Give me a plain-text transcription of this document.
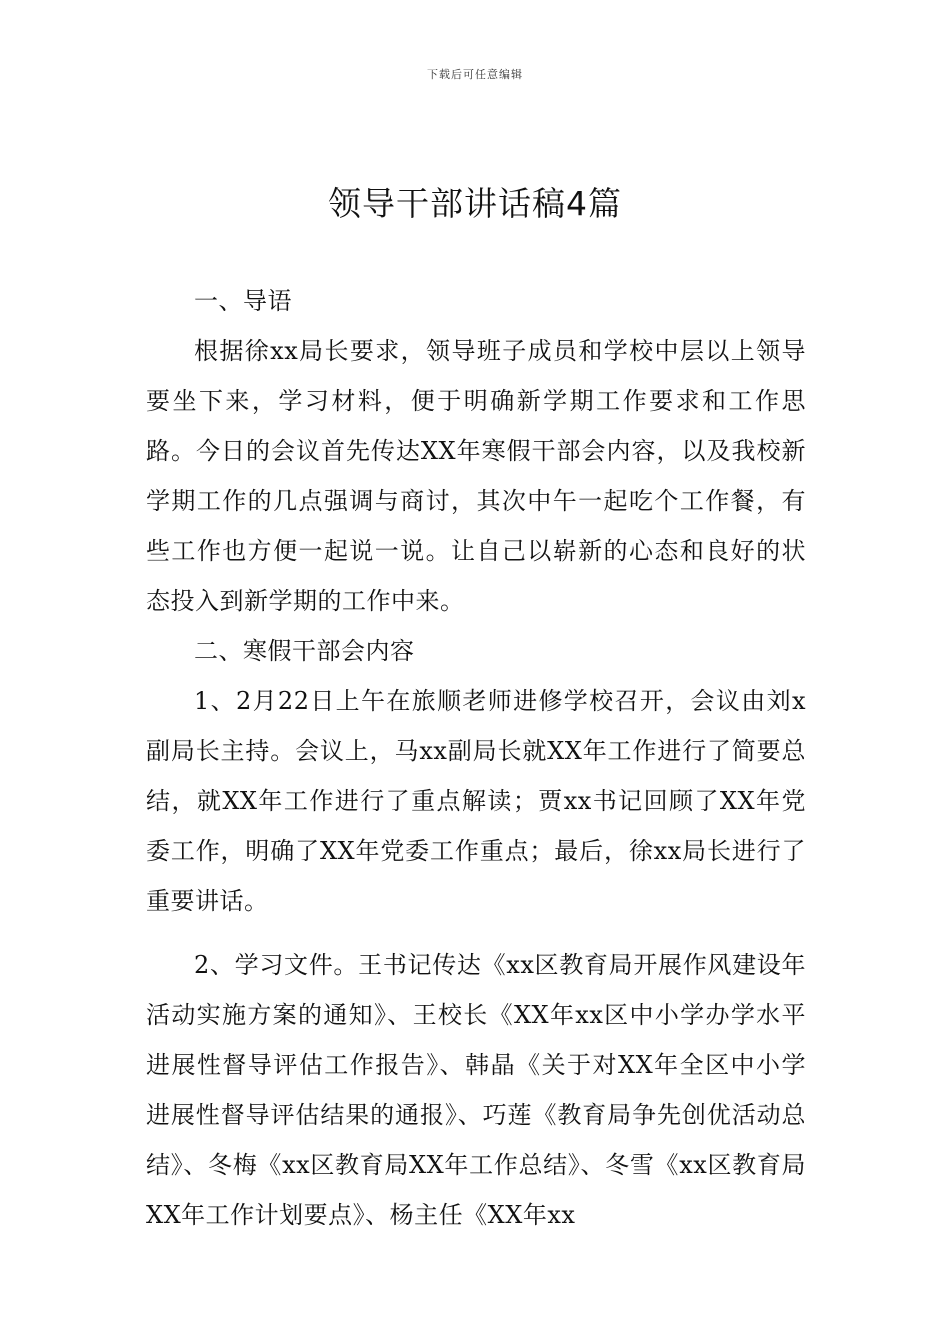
下载后可任意编辑
领导干部讲话稿4篇

一、导语

根据徐xx局长要求，领导班子成员和学校中层以上领导要坐下来，学习材料，便于明确新学期工作要求和工作思路。今日的会议首先传达XX年寒假干部会内容，以及我校新学期工作的几点强调与商讨，其次中午一起吃个工作餐，有些工作也方便一起说一说。让自己以崭新的心态和良好的状态投入到新学期的工作中来。

二、寒假干部会内容

1、2月22日上午在旅顺老师进修学校召开，会议由刘x副局长主持。会议上，马xx副局长就XX年工作进行了简要总结，就XX年工作进行了重点解读；贾xx书记回顾了XX年党委工作，明确了XX年党委工作重点；最后，徐xx局长进行了重要讲话。

2、学习文件。王书记传达《xx区教育局开展作风建设年活动实施方案的通知》、王校长《XX年xx区中小学办学水平进展性督导评估工作报告》、韩晶《关于对XX年全区中小学进展性督导评估结果的通报》、巧莲《教育局争先创优活动总结》、冬梅《xx区教育局XX年工作总结》、冬雪《xx区教育局XX年工作计划要点》、杨主任《XX年xx
